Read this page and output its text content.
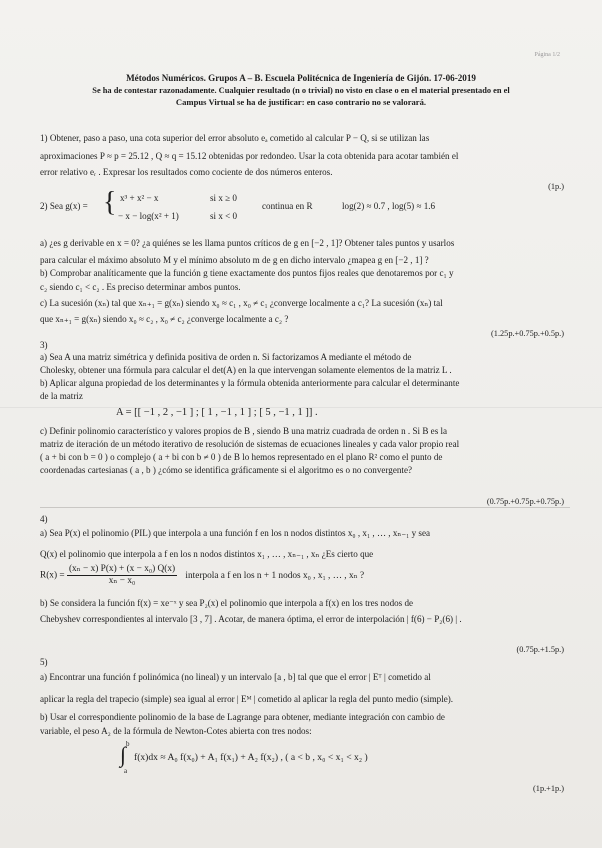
Página 1/2
Métodos Numéricos. Grupos A – B. Escuela Politécnica de Ingeniería de Gijón. 17-06-2019
Se ha de contestar razonadamente. Cualquier resultado (n o trivial) no visto en clase o en el material presentado en el
Campus Virtual se ha de justificar: en caso contrario no se valorará.
1) Obtener, paso a paso, una cota superior del error absoluto eₐ cometido al calcular P − Q, si se utilizan las
aproximaciones P ≈ p = 25.12 , Q ≈ q = 15.12 obtenidas por redondeo. Usar la cota obtenida para acotar también el
error relativo eᵣ . Expresar los resultados como cociente de dos números enteros.
(1p.)
2) Sea g(x) = { x³ + x² − x	si x ≥ 0
− x − log(x² + 1)	si x < 0
continua en R	log(2) ≈ 0.7 , log(5) ≈ 1.6
a) ¿es g derivable en x = 0? ¿a quiénes se les llama puntos críticos de g en [−2 , 1]? Obtener tales puntos y usarlos
para calcular el máximo absoluto M y el mínimo absoluto m de g en dicho intervalo ¿mapea g en [−2 , 1] ?
b) Comprobar analíticamente que la función g tiene exactamente dos puntos fijos reales que denotaremos por c₁ y
c₂ siendo c₁ < c₂ . Es preciso determinar ambos puntos.
c) La sucesión (xₙ) tal que xₙ₊₁ = g(xₙ) siendo x₀ ≈ c₁ , x₀ ≠ c₁ ¿converge localmente a c₁? La sucesión (xₙ) tal
que xₙ₊₁ = g(xₙ) siendo x₀ ≈ c₂ , x₀ ≠ c₂ ¿converge localmente a c₂ ?
(1.25p.+0.75p.+0.5p.)
3)
a) Sea A una matriz simétrica y definida positiva de orden n. Si factorizamos A mediante el método de
Cholesky, obtener una fórmula para calcular el det(A) en la que intervengan solamente elementos de la matriz L .
b) Aplicar alguna propiedad de los determinantes y la fórmula obtenida anteriormente para calcular el determinante
de la matriz
A = [[ −1 , 2 , −1 ] ; [ 1 , −1 , 1 ] ; [ 5 , −1 , 1 ]] .
c) Definir polinomio característico y valores propios de B , siendo B una matriz cuadrada de orden n . Si B es la
matriz de iteración de un método iterativo de resolución de sistemas de ecuaciones lineales y cada valor propio real
( a + bi con b = 0 ) o complejo ( a + bi con b ≠ 0 ) de B lo hemos representado en el plano R² como el punto de
coordenadas cartesianas ( a , b ) ¿cómo se identifica gráficamente si el algoritmo es o no convergente?
(0.75p.+0.75p.+0.75p.)
4)
a) Sea P(x) el polinomio (PIL) que interpola a una función f en los n nodos distintos x₀ , x₁ , … , xₙ₋₁ y sea
Q(x) el polinomio que interpola a f en los n nodos distintos x₁ , … , xₙ₋₁ , xₙ ¿Es cierto que
$R(x) = \frac{\text{(xₙ − x) P(x) + (x − x₀) Q(x)}}{\text{xₙ − x₀}}$ interpola a f en los n + 1 nodos x₀ , x₁ , … , xₙ ?
b) Se considera la función f(x) = xe⁻ˣ y sea P₂(x) el polinomio que interpola a f(x) en los tres nodos de
Chebyshev correspondientes al intervalo [3 , 7] . Acotar, de manera óptima, el error de interpolación | f(6) − P₂(6) | .
(0.75p.+1.5p.)
5)
a) Encontrar una función f polinómica (no lineal) y un intervalo [a , b] tal que que el error | Eᵀ | cometido al
aplicar la regla del trapecio (simple) sea igual al error | Eᴹ | cometido al aplicar la regla del punto medio (simple).
b) Usar el correspondiente polinomio de la base de Lagrange para obtener, mediante integración con cambio de
variable, el peso A₂ de la fórmula de Newton-Cotes abierta con tres nodos:
b
∫
a
f(x)dx ≈ A₀ f(x₀) + A₁ f(x₁) + A₂ f(x₂) , ( a < b , x₀ < x₁ < x₂ )
(1p.+1p.)
